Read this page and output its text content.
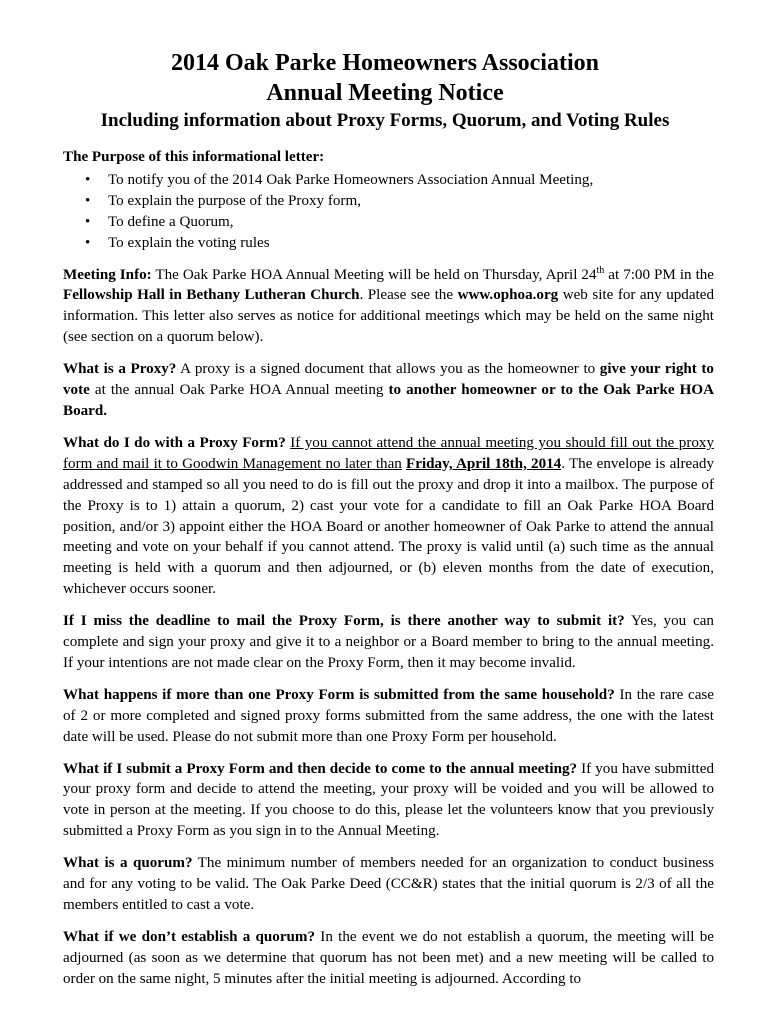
2014 Oak Parke Homeowners Association
Annual Meeting Notice
Including information about Proxy Forms, Quorum, and Voting Rules
The Purpose of this informational letter:
• To notify you of the 2014 Oak Parke Homeowners Association Annual Meeting,
• To explain the purpose of the Proxy form,
• To define a Quorum,
• To explain the voting rules

Meeting Info: The Oak Parke HOA Annual Meeting will be held on Thursday, April 24th at 7:00 PM in the Fellowship Hall in Bethany Lutheran Church. Please see the www.ophoa.org web site for any updated information. This letter also serves as notice for additional meetings which may be held on the same night (see section on a quorum below).

What is a Proxy? A proxy is a signed document that allows you as the homeowner to give your right to vote at the annual Oak Parke HOA Annual meeting to another homeowner or to the Oak Parke HOA Board.

What do I do with a Proxy Form? If you cannot attend the annual meeting you should fill out the proxy form and mail it to Goodwin Management no later than Friday, April 18th, 2014. The envelope is already addressed and stamped so all you need to do is fill out the proxy and drop it into a mailbox. The purpose of the Proxy is to 1) attain a quorum, 2) cast your vote for a candidate to fill an Oak Parke HOA Board position, and/or 3) appoint either the HOA Board or another homeowner of Oak Parke to attend the annual meeting and vote on your behalf if you cannot attend. The proxy is valid until (a) such time as the annual meeting is held with a quorum and then adjourned, or (b) eleven months from the date of execution, whichever occurs sooner.

If I miss the deadline to mail the Proxy Form, is there another way to submit it? Yes, you can complete and sign your proxy and give it to a neighbor or a Board member to bring to the annual meeting. If your intentions are not made clear on the Proxy Form, then it may become invalid.

What happens if more than one Proxy Form is submitted from the same household? In the rare case of 2 or more completed and signed proxy forms submitted from the same address, the one with the latest date will be used. Please do not submit more than one Proxy Form per household.

What if I submit a Proxy Form and then decide to come to the annual meeting? If you have submitted your proxy form and decide to attend the meeting, your proxy will be voided and you will be allowed to vote in person at the meeting. If you choose to do this, please let the volunteers know that you previously submitted a Proxy Form as you sign in to the Annual Meeting.

What is a quorum? The minimum number of members needed for an organization to conduct business and for any voting to be valid. The Oak Parke Deed (CC&R) states that the initial quorum is 2/3 of all the members entitled to cast a vote.

What if we don’t establish a quorum? In the event we do not establish a quorum, the meeting will be adjourned (as soon as we determine that quorum has not been met) and a new meeting will be called to order on the same night, 5 minutes after the initial meeting is adjourned. According to
